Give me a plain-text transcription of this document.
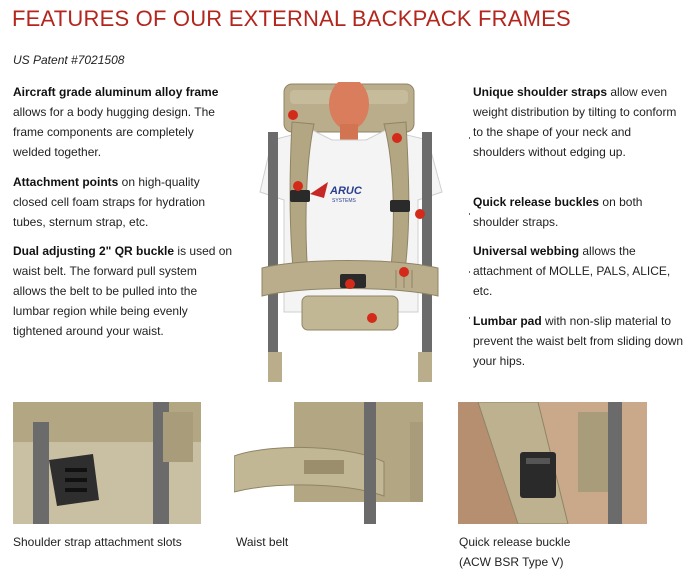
FEATURES OF OUR EXTERNAL BACKPACK FRAMES
US Patent #7021508
Aircraft grade aluminum alloy frame allows for a body hugging design. The frame components are completely welded together.
Attachment points on high-quality closed cell foam straps for hydration tubes, sternum strap, etc.
Dual adjusting 2" QR buckle is used on waist belt. The forward pull system allows the belt to be pulled into the lumbar region while being evenly tightened around your waist.
Unique shoulder straps allow even weight distribution by tilting to conform to the shape of your neck and shoulders without edging up.
Quick release buckles on both shoulder straps.
Universal webbing allows the attachment of MOLLE, PALS, ALICE, etc.
Lumbar pad with non-slip material to prevent the waist belt from sliding down your hips.
ARUC
SYSTEMS
Shoulder strap attachment slots	Waist belt	Quick release buckle
(ACW BSR Type V)
